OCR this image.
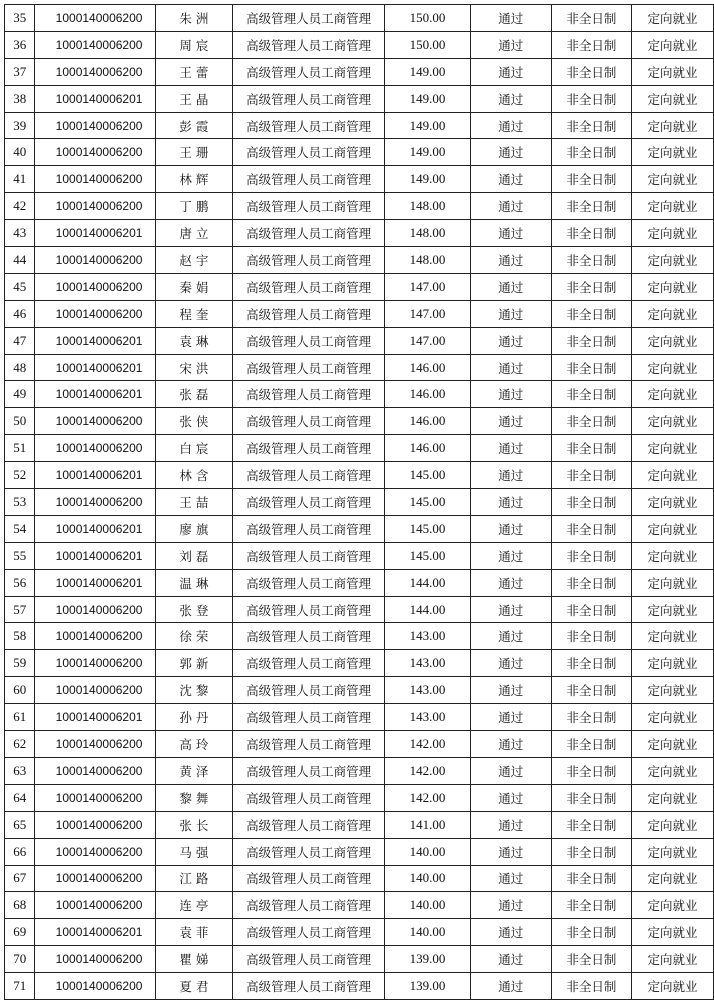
35	1000140006200	朱 洲	高级管理人员工商管理	150.00	通过	非全日制	定向就业
36	1000140006200	周 宸	高级管理人员工商管理	150.00	通过	非全日制	定向就业
37	1000140006200	王 蕾	高级管理人员工商管理	149.00	通过	非全日制	定向就业
38	1000140006201	王 晶	高级管理人员工商管理	149.00	通过	非全日制	定向就业
39	1000140006200	彭 霞	高级管理人员工商管理	149.00	通过	非全日制	定向就业
40	1000140006200	王 珊	高级管理人员工商管理	149.00	通过	非全日制	定向就业
41	1000140006200	林 辉	高级管理人员工商管理	149.00	通过	非全日制	定向就业
42	1000140006200	丁 鹏	高级管理人员工商管理	148.00	通过	非全日制	定向就业
43	1000140006201	唐 立	高级管理人员工商管理	148.00	通过	非全日制	定向就业
44	1000140006200	赵 宇	高级管理人员工商管理	148.00	通过	非全日制	定向就业
45	1000140006200	秦 娟	高级管理人员工商管理	147.00	通过	非全日制	定向就业
46	1000140006200	程 奎	高级管理人员工商管理	147.00	通过	非全日制	定向就业
47	1000140006201	袁 琳	高级管理人员工商管理	147.00	通过	非全日制	定向就业
48	1000140006201	宋 洪	高级管理人员工商管理	146.00	通过	非全日制	定向就业
49	1000140006201	张 磊	高级管理人员工商管理	146.00	通过	非全日制	定向就业
50	1000140006200	张 侠	高级管理人员工商管理	146.00	通过	非全日制	定向就业
51	1000140006200	白 宸	高级管理人员工商管理	146.00	通过	非全日制	定向就业
52	1000140006201	林 含	高级管理人员工商管理	145.00	通过	非全日制	定向就业
53	1000140006200	王 喆	高级管理人员工商管理	145.00	通过	非全日制	定向就业
54	1000140006201	廖 旗	高级管理人员工商管理	145.00	通过	非全日制	定向就业
55	1000140006201	刘 磊	高级管理人员工商管理	145.00	通过	非全日制	定向就业
56	1000140006201	温 琳	高级管理人员工商管理	144.00	通过	非全日制	定向就业
57	1000140006200	张 登	高级管理人员工商管理	144.00	通过	非全日制	定向就业
58	1000140006200	徐 荣	高级管理人员工商管理	143.00	通过	非全日制	定向就业
59	1000140006200	郭 新	高级管理人员工商管理	143.00	通过	非全日制	定向就业
60	1000140006200	沈 黎	高级管理人员工商管理	143.00	通过	非全日制	定向就业
61	1000140006201	孙 丹	高级管理人员工商管理	143.00	通过	非全日制	定向就业
62	1000140006200	高 玲	高级管理人员工商管理	142.00	通过	非全日制	定向就业
63	1000140006200	黄 泽	高级管理人员工商管理	142.00	通过	非全日制	定向就业
64	1000140006200	黎 舞	高级管理人员工商管理	142.00	通过	非全日制	定向就业
65	1000140006200	张 长	高级管理人员工商管理	141.00	通过	非全日制	定向就业
66	1000140006200	马 强	高级管理人员工商管理	140.00	通过	非全日制	定向就业
67	1000140006200	江 路	高级管理人员工商管理	140.00	通过	非全日制	定向就业
68	1000140006200	连 亭	高级管理人员工商管理	140.00	通过	非全日制	定向就业
69	1000140006201	袁 菲	高级管理人员工商管理	140.00	通过	非全日制	定向就业
70	1000140006200	瞿 娣	高级管理人员工商管理	139.00	通过	非全日制	定向就业
71	1000140006200	夏 君	高级管理人员工商管理	139.00	通过	非全日制	定向就业
